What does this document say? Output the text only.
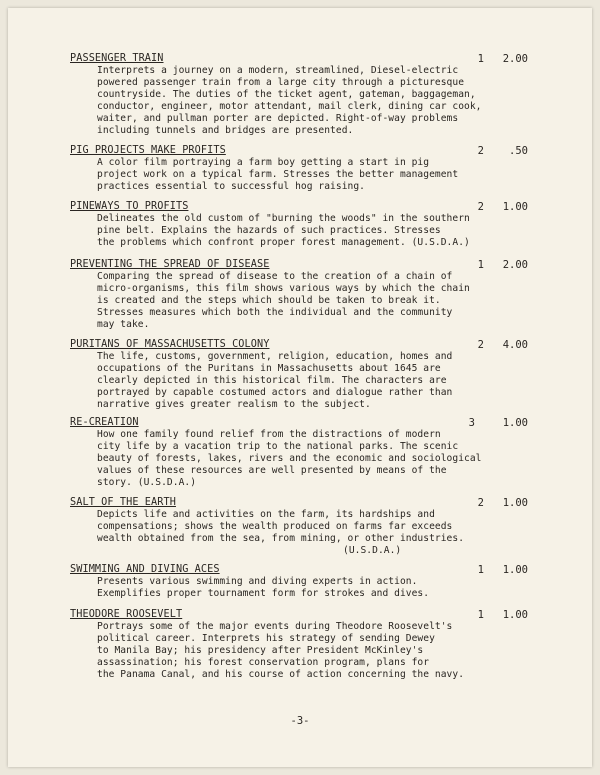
PASSENGER TRAIN	1	2.00
Interprets a journey on a modern, streamlined, Diesel-electric
powered passenger train from a large city through a picturesque
countryside. The duties of the ticket agent, gateman, baggageman,
conductor, engineer, motor attendant, mail clerk, dining car cook,
waiter, and pullman porter are depicted. Right-of-way problems
including tunnels and bridges are presented.
PIG PROJECTS MAKE PROFITS	2	.50
A color film portraying a farm boy getting a start in pig
project work on a typical farm. Stresses the better management
practices essential to successful hog raising.
PINEWAYS TO PROFITS	2	1.00
Delineates the old custom of "burning the woods" in the southern
pine belt. Explains the hazards of such practices. Stresses
the problems which confront proper forest management. (U.S.D.A.)
PREVENTING THE SPREAD OF DISEASE	1	2.00
Comparing the spread of disease to the creation of a chain of
micro-organisms, this film shows various ways by which the chain
is created and the steps which should be taken to break it.
Stresses measures which both the individual and the community
may take.
PURITANS OF MASSACHUSETTS COLONY	2	4.00
The life, customs, government, religion, education, homes and
occupations of the Puritans in Massachusetts about 1645 are
clearly depicted in this historical film. The characters are
portrayed by capable costumed actors and dialogue rather than
narrative gives greater realism to the subject.
RE-CREATION	3	1.00
How one family found relief from the distractions of modern
city life by a vacation trip to the national parks. The scenic
beauty of forests, lakes, rivers and the economic and sociological
values of these resources are well presented by means of the
story. (U.S.D.A.)
SALT OF THE EARTH	2	1.00
Depicts life and activities on the farm, its hardships and
compensations; shows the wealth produced on farms far exceeds
wealth obtained from the sea, from mining, or other industries.
(U.S.D.A.)
SWIMMING AND DIVING ACES	1	1.00
Presents various swimming and diving experts in action.
Exemplifies proper tournament form for strokes and dives.
THEODORE ROOSEVELT	1	1.00
Portrays some of the major events during Theodore Roosevelt's
political career. Interprets his strategy of sending Dewey
to Manila Bay; his presidency after President McKinley's
assassination; his forest conservation program, plans for
the Panama Canal, and his course of action concerning the navy.
-3-
